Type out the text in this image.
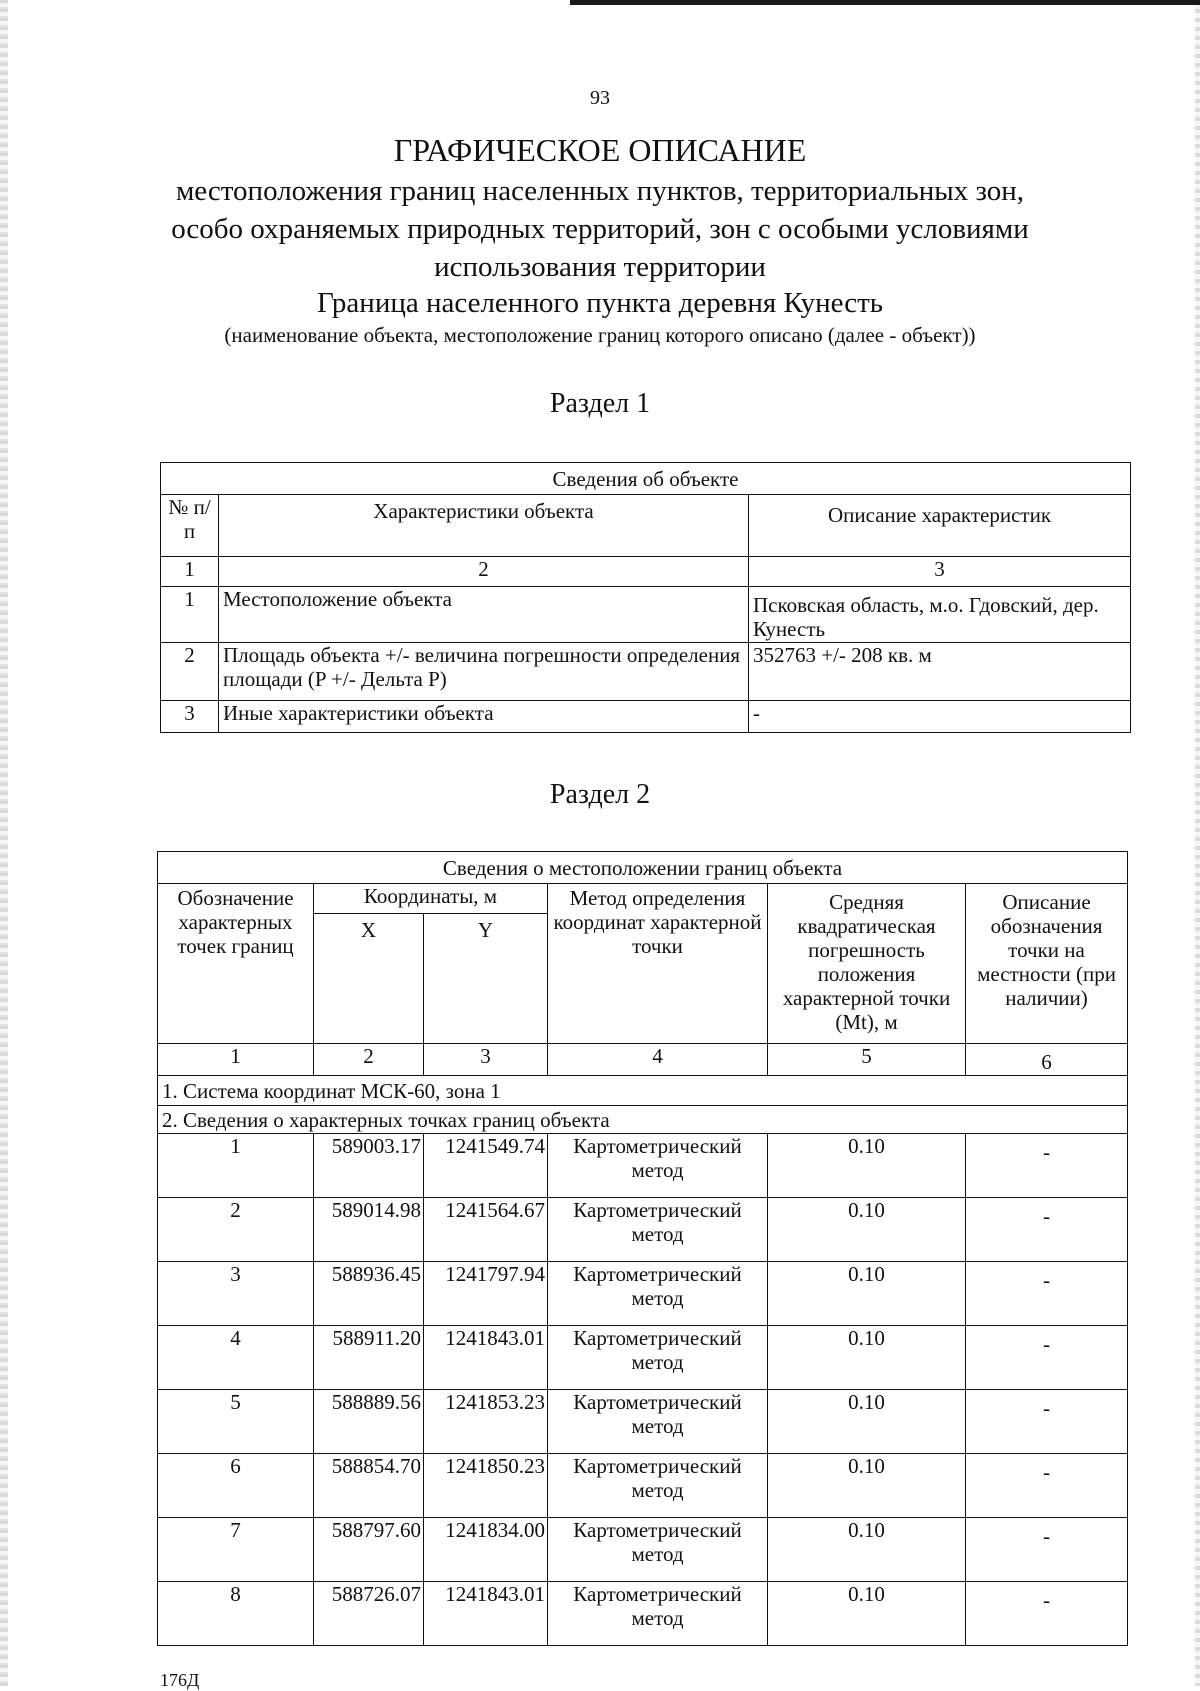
93
ГРАФИЧЕСКОЕ ОПИСАНИЕ
местоположения границ населенных пунктов, территориальных зон, особо охраняемых природных территорий, зон с особыми условиями использования территории
Граница населенного пункта деревня Кунесть
(наименование объекта, местоположение границ которого описано (далее - объект))
Раздел 1
Сведения об объекте		
№ п/п	Характеристики объекта	Описание характеристик
1	2	3
1	Местоположение объекта	Псковская область, м.о. Гдовский, дер. Кунесть
2	Площадь объекта +/- величина погрешности определения площади (P +/- Дельта P)	352763 +/- 208 кв. м
3	Иные характеристики объекта	-
Раздел 2
Сведения о местоположении границ объекта					
Обозначение характерных точек границ	Координаты, м		Метод определения координат характерной точки	Средняя квадратическая погрешность положения характерной точки (Mt), м	Описание обозначения точки на местности (при наличии)
	X	Y			
1	2	3	4	5	6
1. Система координат МСК-60, зона 1					
2. Сведения о характерных точках границ объекта					
1	589003.17	1241549.74	Картометрический метод	0.10	-
2	589014.98	1241564.67	Картометрический метод	0.10	-
3	588936.45	1241797.94	Картометрический метод	0.10	-
4	588911.20	1241843.01	Картометрический метод	0.10	-
5	588889.56	1241853.23	Картометрический метод	0.10	-
6	588854.70	1241850.23	Картометрический метод	0.10	-
7	588797.60	1241834.00	Картометрический метод	0.10	-
8	588726.07	1241843.01	Картометрический метод	0.10	-
176Д
